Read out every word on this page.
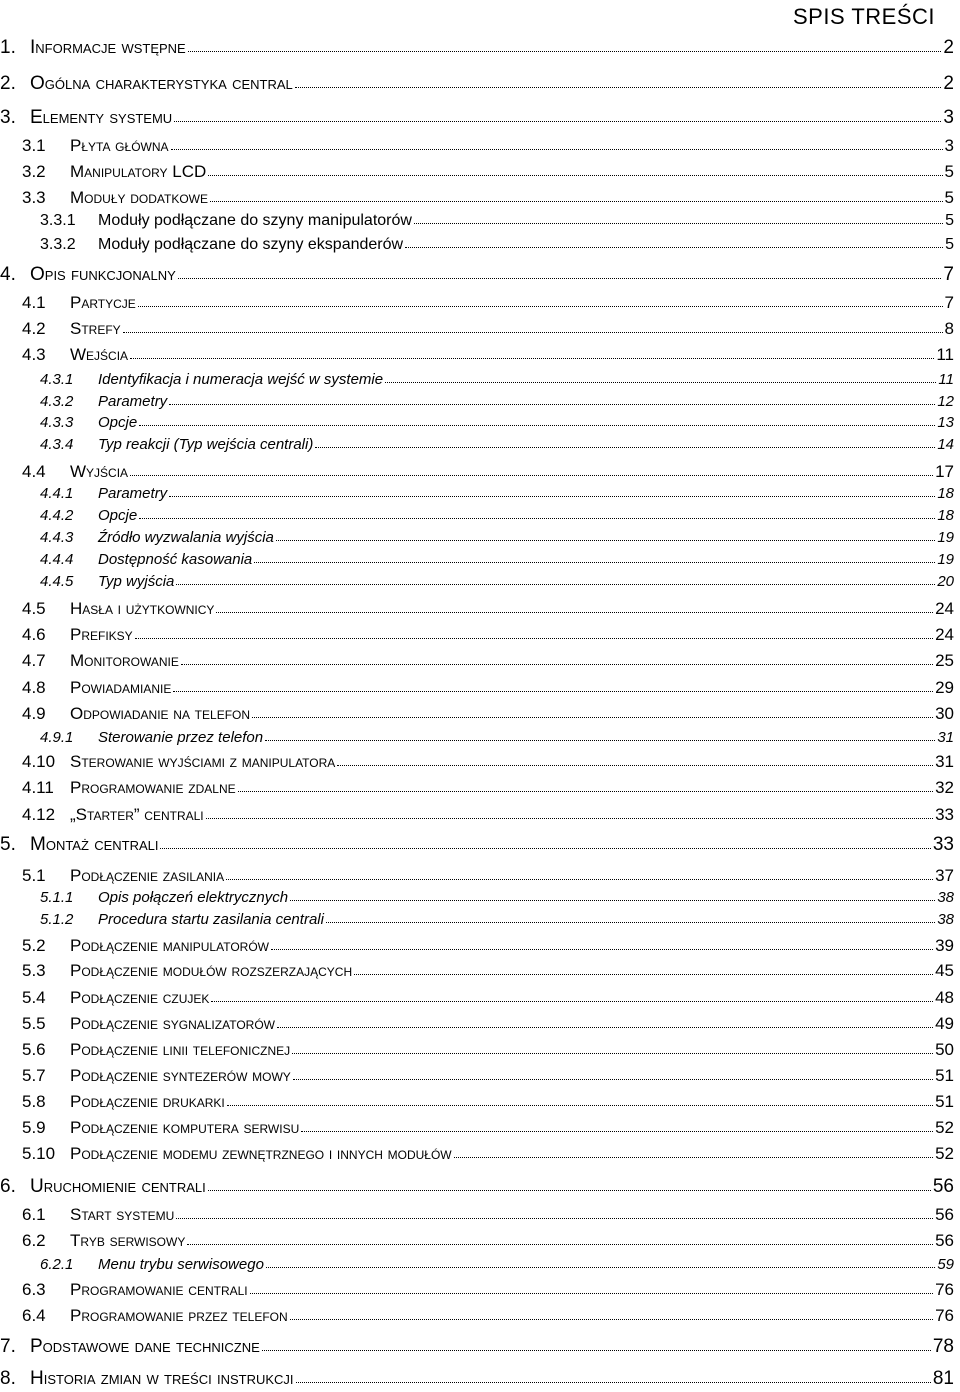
SPIS TREŚCI
1. Informacje wstępne	2
2. Ogólna charakterystyka central	2
3. Elementy systemu	3
3.1	Płyta główna	3
3.2	Manipulatory LCD	5
3.3	Moduły dodatkowe	5
3.3.1	Moduły podłączane do szyny manipulatorów	5
3.3.2	Moduły podłączane do szyny ekspanderów	5
4. Opis funkcjonalny	7
4.1	Partycje	7
4.2	Strefy	8
4.3	Wejścia	11
4.3.1	Identyfikacja i numeracja wejść w systemie	11
4.3.2	Parametry	12
4.3.3	Opcje	13
4.3.4	Typ reakcji (Typ wejścia centrali)	14
4.4	Wyjścia	17
4.4.1	Parametry	18
4.4.2	Opcje	18
4.4.3	Źródło wyzwalania wyjścia	19
4.4.4	Dostępność kasowania	19
4.4.5	Typ wyjścia	20
4.5	Hasła i użytkownicy	24
4.6	Prefiksy	24
4.7	Monitorowanie	25
4.8	Powiadamianie	29
4.9	Odpowiadanie na telefon	30
4.9.1	Sterowanie przez telefon	31
4.10 Sterowanie wyjściami z manipulatora	31
4.11 Programowanie zdalne	32
4.12 „Starter” centrali	33
5. Montaż centrali	33
5.1	Podłączenie zasilania	37
5.1.1	Opis połączeń elektrycznych	38
5.1.2	Procedura startu zasilania centrali	38
5.2	Podłączenie manipulatorów	39
5.3	Podłączenie modułów rozszerzających	45
5.4	Podłączenie czujek	48
5.5	Podłączenie sygnalizatorów	49
5.6	Podłączenie linii telefonicznej	50
5.7	Podłączenie syntezerów mowy	51
5.8	Podłączenie drukarki	51
5.9	Podłączenie komputera serwisu	52
5.10 Podłączenie modemu zewnętrznego i innych modułów	52
6. Uruchomienie centrali	56
6.1	Start systemu	56
6.2	Tryb serwisowy	56
6.2.1	Menu trybu serwisowego	59
6.3	Programowanie centrali	76
6.4	Programowanie przez telefon	76
7. Podstawowe dane techniczne	78
8. Historia zmian w treści instrukcji	81
